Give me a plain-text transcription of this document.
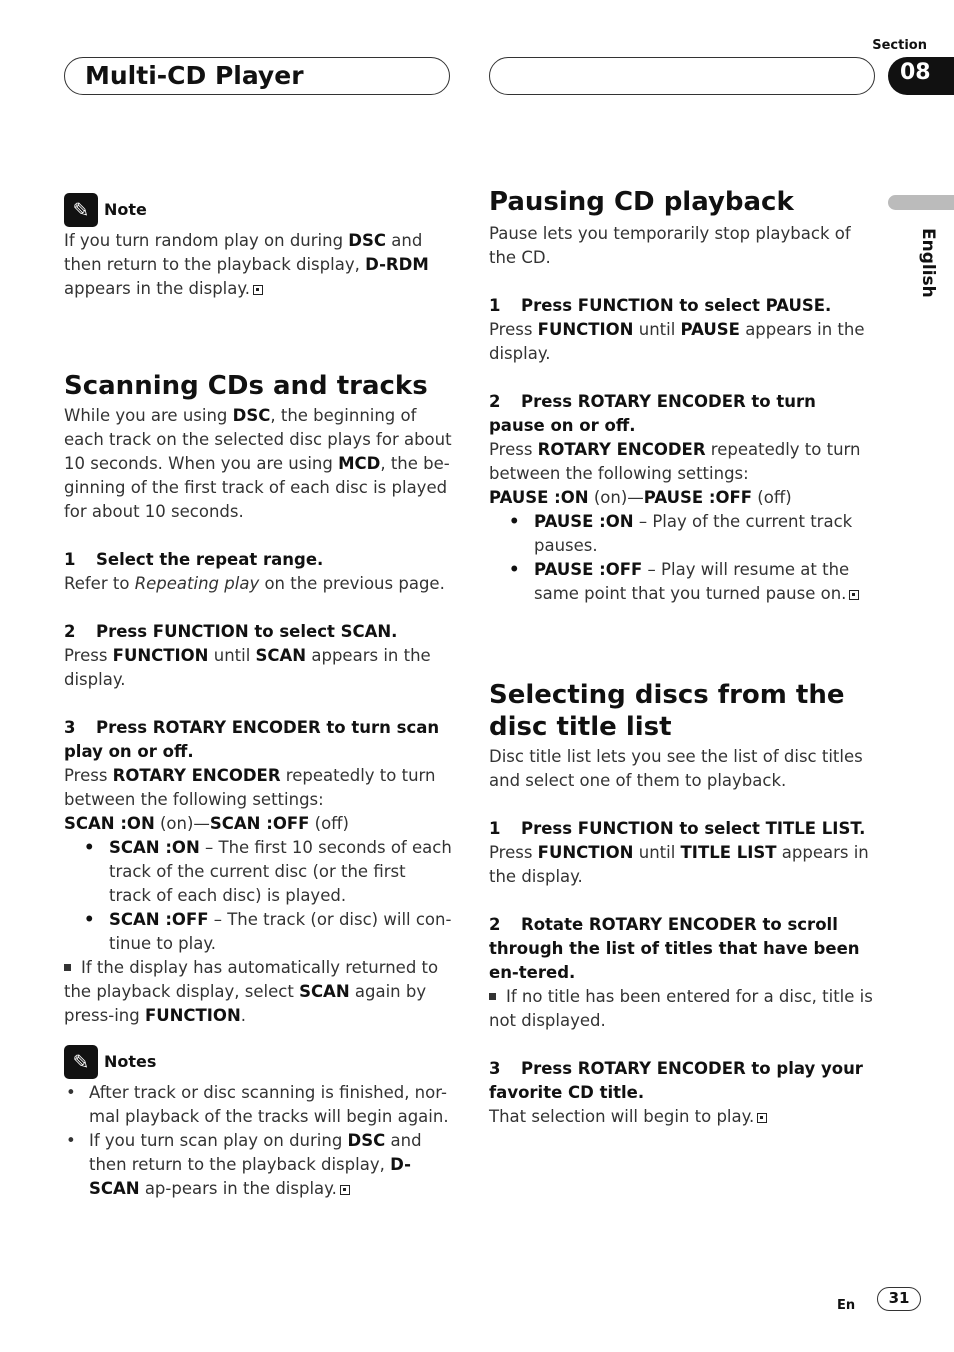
Multi-CD Player
Section
08
English
✎ Note

If you turn random play on during DSC and then return to the playback display, D-RDM appears in the display.

Scanning CDs and tracks

While you are using DSC, the beginning of each track on the selected disc plays for about 10 seconds. When you are using MCD, the be-ginning of the first track of each disc is played for about 10 seconds.

1 Select the repeat range.

Refer to Repeating play on the previous page.

2 Press FUNCTION to select SCAN.

Press FUNCTION until SCAN appears in the display.

3 Press ROTARY ENCODER to turn scan play on or off.

Press ROTARY ENCODER repeatedly to turn between the following settings:

SCAN :ON (on)—SCAN :OFF (off)

• SCAN :ON – The first 10 seconds of each track of the current disc (or the first track of each disc) is played.
• SCAN :OFF – The track (or disc) will con-tinue to play.

If the display has automatically returned to the playback display, select SCAN again by press-ing FUNCTION.

✎ Notes
• After track or disc scanning is finished, nor-mal playback of the tracks will begin again.
• If you turn scan play on during DSC and then return to the playback display, D-SCAN ap-pears in the display.
Pausing CD playback

Pause lets you temporarily stop playback of the CD.

1 Press FUNCTION to select PAUSE.

Press FUNCTION until PAUSE appears in the display.

2 Press ROTARY ENCODER to turn pause on or off.

Press ROTARY ENCODER repeatedly to turn between the following settings:

PAUSE :ON (on)—PAUSE :OFF (off)

• PAUSE :ON – Play of the current track pauses.
• PAUSE :OFF – Play will resume at the same point that you turned pause on.
Selecting discs from the disc title list

Disc title list lets you see the list of disc titles and select one of them to playback.

1 Press FUNCTION to select TITLE LIST.

Press FUNCTION until TITLE LIST appears in the display.

2 Rotate ROTARY ENCODER to scroll through the list of titles that have been en-tered.

If no title has been entered for a disc, title is not displayed.

3 Press ROTARY ENCODER to play your favorite CD title.

That selection will begin to play.

En	31
